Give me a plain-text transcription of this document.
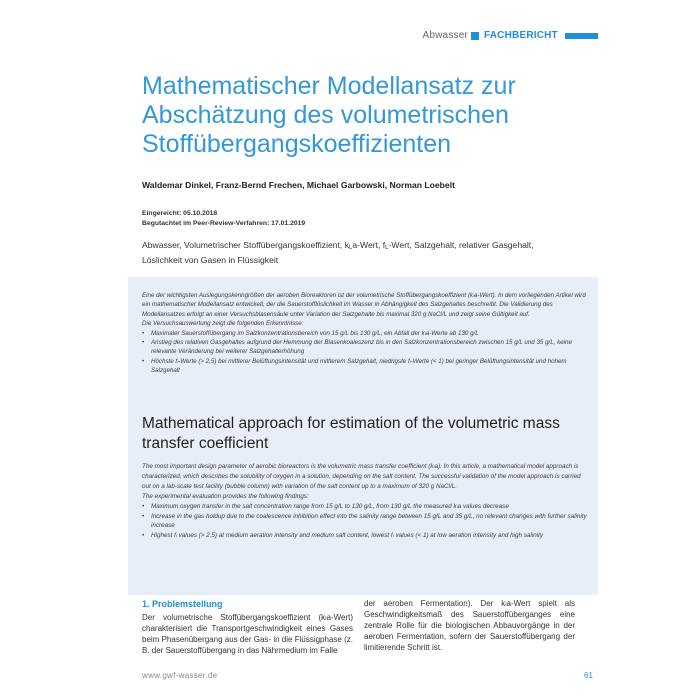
Abwasser FACHBERICHT
Mathematischer Modellansatz zur Abschätzung des volumetrischen Stoffübergangskoeffizienten
Waldemar Dinkel, Franz-Bernd Frechen, Michael Garbowski, Norman Loebelt
Eingereicht: 05.10.2018
Begutachtet im Peer-Review-Verfahren: 17.01.2019
Abwasser, Volumetrischer Stoffübergangskoeffizient, kLa-Wert, fL-Wert, Salzgehalt, relativer Gasgehalt, Löslichkeit von Gasen in Flüssigkeit

Eine der wichtigsten Auslegungskenngrößen der aeroben Bioreaktoren ist der volumetrische Stoffübergangskoeffizient (kₗa-Wert). In dem vorliegenden Artikel wird ein mathematischer Modellansatz entwickelt, der die Sauerstofflöslichkeit im Wasser in Abhängigkeit des Salzgehaltes beschreibt. Die Validierung des Modellansatzes erfolgt an einer Versuchsblasensäule unter Variation der Salzgehalte bis maximal 320 g NaCl/L und zeigt seine Gültigkeit auf.

Die Versuchsauswertung zeigt die folgenden Erkenntnisse:

• Maximaler Sauerstoffübergang im Salzkonzentrationsbereich von 15 g/L bis 130 g/L, ein Abfall der kₗa-Werte ab 130 g/L
• Anstieg des relativen Gasgehaltes aufgrund der Hemmung der Blasenkoaleszenz bis in den Salzkonzentrationsbereich zwischen 15 g/L und 35 g/L, keine relevante Veränderung bei weiterer Salzgehalterhöhung
• Höchste fₗ-Werte (> 2,5) bei mittlerer Belüftungsintensität und mittlerem Salzgehalt, niedrigste fₗ-Werte (< 1) bei geringer Belüftungsintensität und hohem Salzgehalt
Mathematical approach for estimation of the volumetric mass transfer coefficient

The most important design parameter of aerobic bioreactors is the volumetric mass transfer coefficient (kₗa). In this article, a mathematical model approach is characterized, which describes the solubility of oxygen in a solution, depending on the salt content. The successful validation of the model approach is carried out on a lab-scale test facility (bubble column) with variation of the salt content up to a maximum of 320 g NaCl/L.

The experimental evaluation provides the following findings:

• Maximum oxygen transfer in the salt concentration range from 15 g/L to 130 g/L, from 130 g/L the measured kₗa values decrease
• Increase in the gas holdup due to the coalescence inhibition effect into the salinity range between 15 g/L and 35 g/L, no relevant changes with further salinity increase
• Highest fₗ values (> 2.5) at medium aeration intensity and medium salt content, lowest fₗ values (< 1) at low aeration intensity and high salinity
1. Problemstellung

Der volumetrische Stoffübergangskoeffizient (kₗa-Wert) charakterisiert die Transportgeschwindigkeit eines Gases beim Phasenübergang aus der Gas- in die Flüssigphase (z. B. der Sauerstoffübergang in das Nährmedium im Falle

der aeroben Fermentation). Der kₗa-Wert spielt als Geschwindigkeitsmaß des Sauerstoffüberganges eine zentrale Rolle für die biologischen Abbauvorgänge in der aeroben Fermentation, sofern der Sauerstoffübergang der limitierende Schritt ist.

www.gwf-wasser.de	61
